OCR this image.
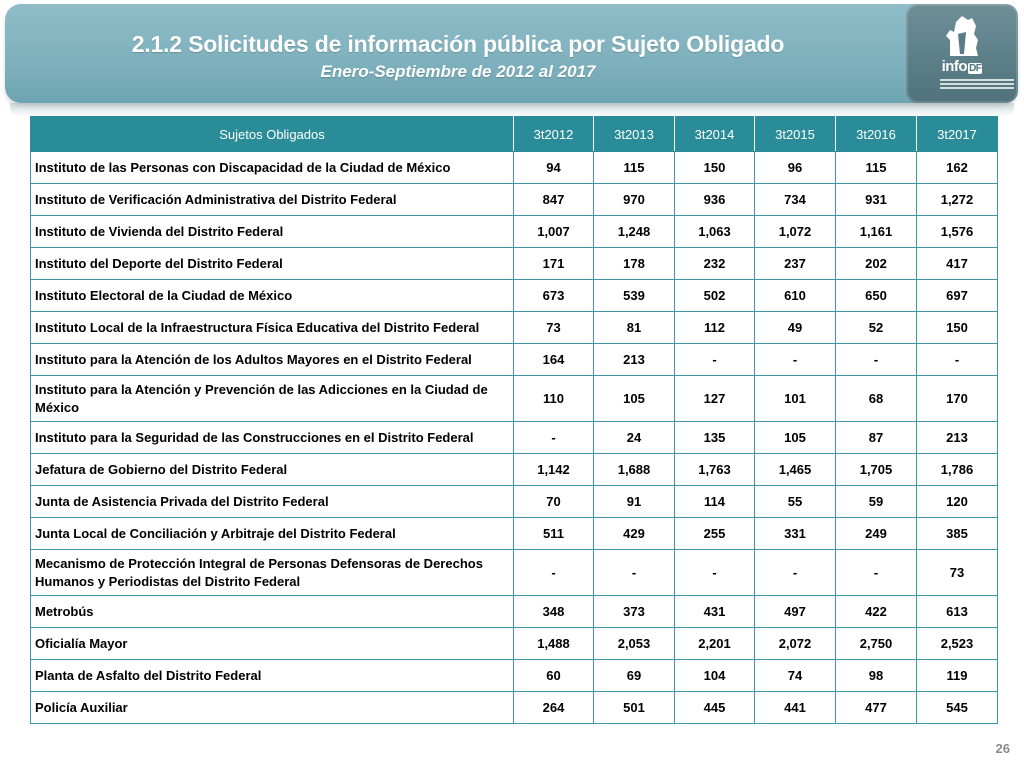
2.1.2 Solicitudes de información pública por Sujeto Obligado
Enero-Septiembre de 2012 al 2017	info DF
Sujetos Obligados	3t2012	3t2013	3t2014	3t2015	3t2016	3t2017
Instituto de las Personas con Discapacidad de la Ciudad de México	94	115	150	96	115	162
Instituto de Verificación Administrativa del Distrito Federal	847	970	936	734	931	1,272
Instituto de Vivienda del Distrito Federal	1,007	1,248	1,063	1,072	1,161	1,576
Instituto del Deporte del Distrito Federal	171	178	232	237	202	417
Instituto Electoral de la Ciudad de México	673	539	502	610	650	697
Instituto Local de la Infraestructura Física Educativa del Distrito Federal	73	81	112	49	52	150
Instituto para la Atención de los Adultos Mayores en el Distrito Federal	164	213	-	-	-	-
Instituto para la Atención y Prevención de las Adicciones en la Ciudad de México	110	105	127	101	68	170
Instituto para la Seguridad de las Construcciones en el Distrito Federal	-	24	135	105	87	213
Jefatura de Gobierno del Distrito Federal	1,142	1,688	1,763	1,465	1,705	1,786
Junta de Asistencia Privada del Distrito Federal	70	91	114	55	59	120
Junta Local de Conciliación y Arbitraje del Distrito Federal	511	429	255	331	249	385
Mecanismo de Protección Integral de Personas Defensoras de Derechos Humanos y Periodistas del Distrito Federal	-	-	-	-	-	73
Metrobús	348	373	431	497	422	613
Oficialía Mayor	1,488	2,053	2,201	2,072	2,750	2,523
Planta de Asfalto del Distrito Federal	60	69	104	74	98	119
Policía Auxiliar	264	501	445	441	477	545
26
